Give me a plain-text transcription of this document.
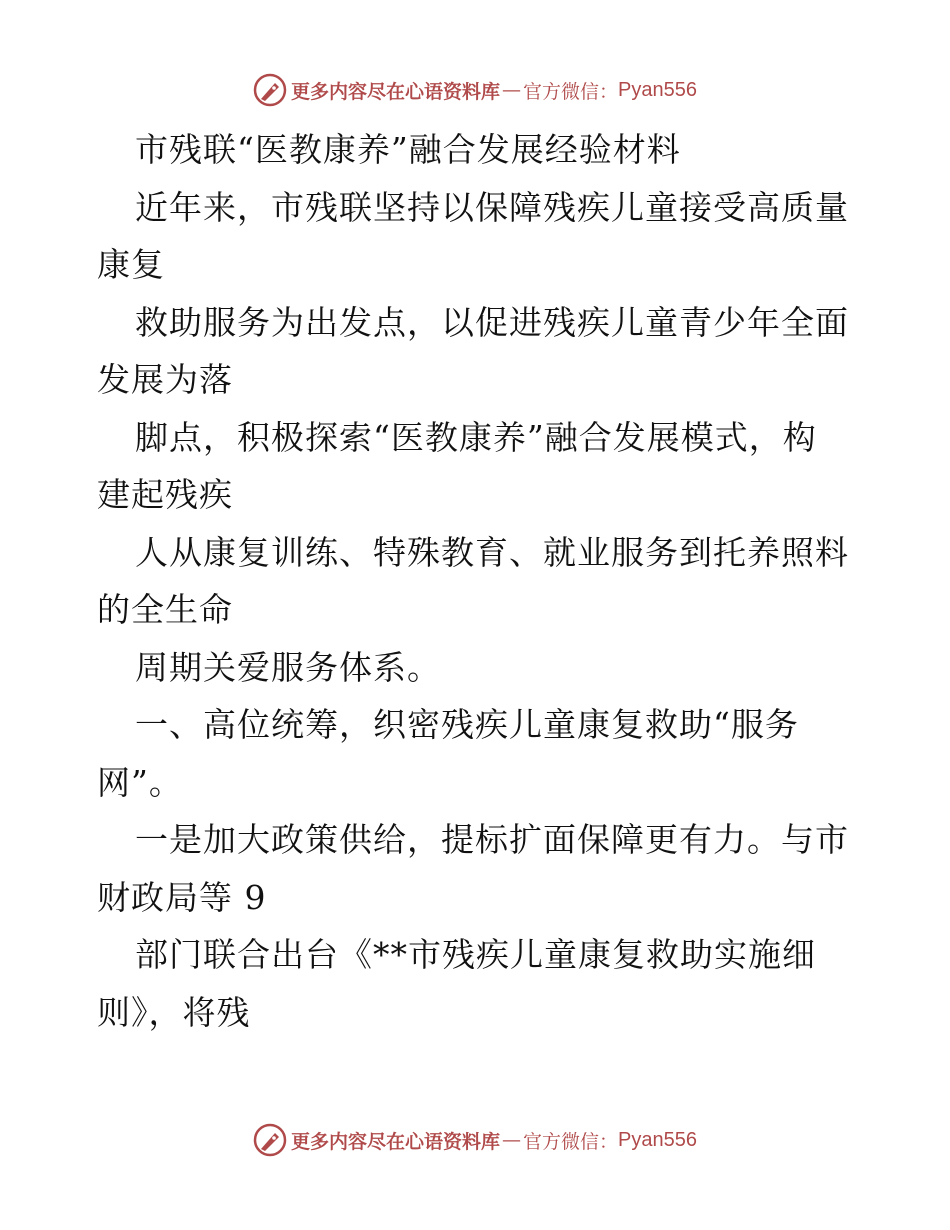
更多内容尽在心语资料库 — 官方微信： Pyan556
市残联“医教康养”融合发展经验材料
近年来，市残联坚持以保障残疾儿童接受高质量
康复
救助服务为出发点，以促进残疾儿童青少年全面
发展为落
脚点，积极探索“医教康养”融合发展模式，构
建起残疾
人从康复训练、特殊教育、就业服务到托养照料
的全生命
周期关爱服务体系。
一、高位统筹，织密残疾儿童康复救助“服务
网”。
一是加大政策供给，提标扩面保障更有力。与市
财政局等 9
部门联合出台《**市残疾儿童康复救助实施细
则》，将残
更多内容尽在心语资料库 — 官方微信： Pyan556
